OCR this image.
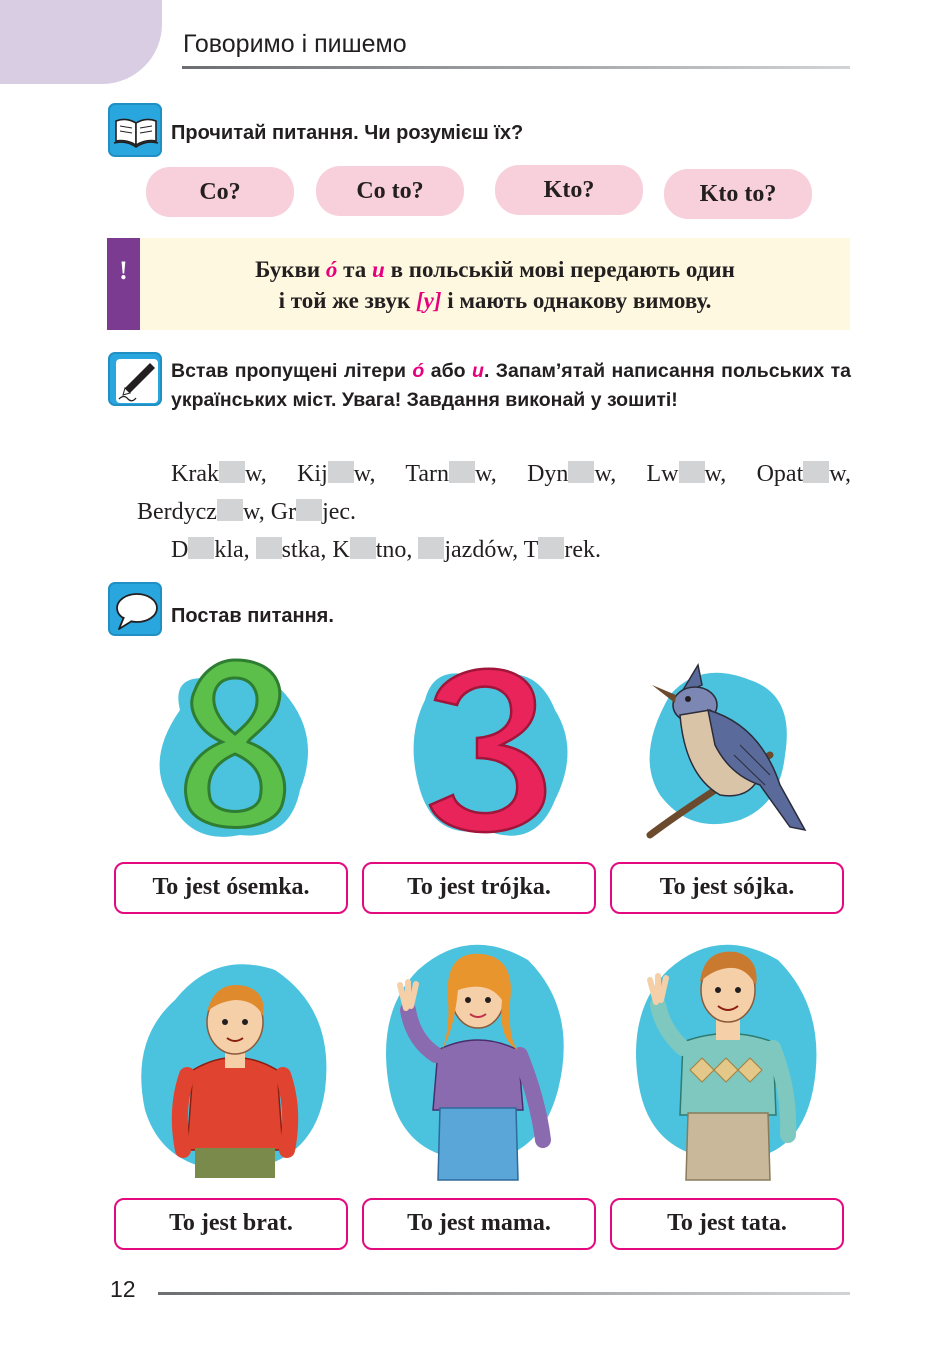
Говоримо і пишемо
Прочитай питання. Чи розумієш їх?
Co?	Co to?	Kto?	Kto to?
!	Букви ó та u в польській мові передають один
і той же звук [у] і мають однакову вимову.
Встав пропущені літери ó або u. Запам’ятай написання польських та українських міст. Увага! Завдання виконай у зошиті!
Krak w, Kij w, Tarn w, Dyn w, Lw w, Opat w,
Berdycz w, Gr jec.
D kla, stka, K tno, jazdów, T rek.
Постав питання.
To jest ósemka.	To jest trójka.	To jest sójka.
To jest brat.	To jest mama.	To jest tata.
12
